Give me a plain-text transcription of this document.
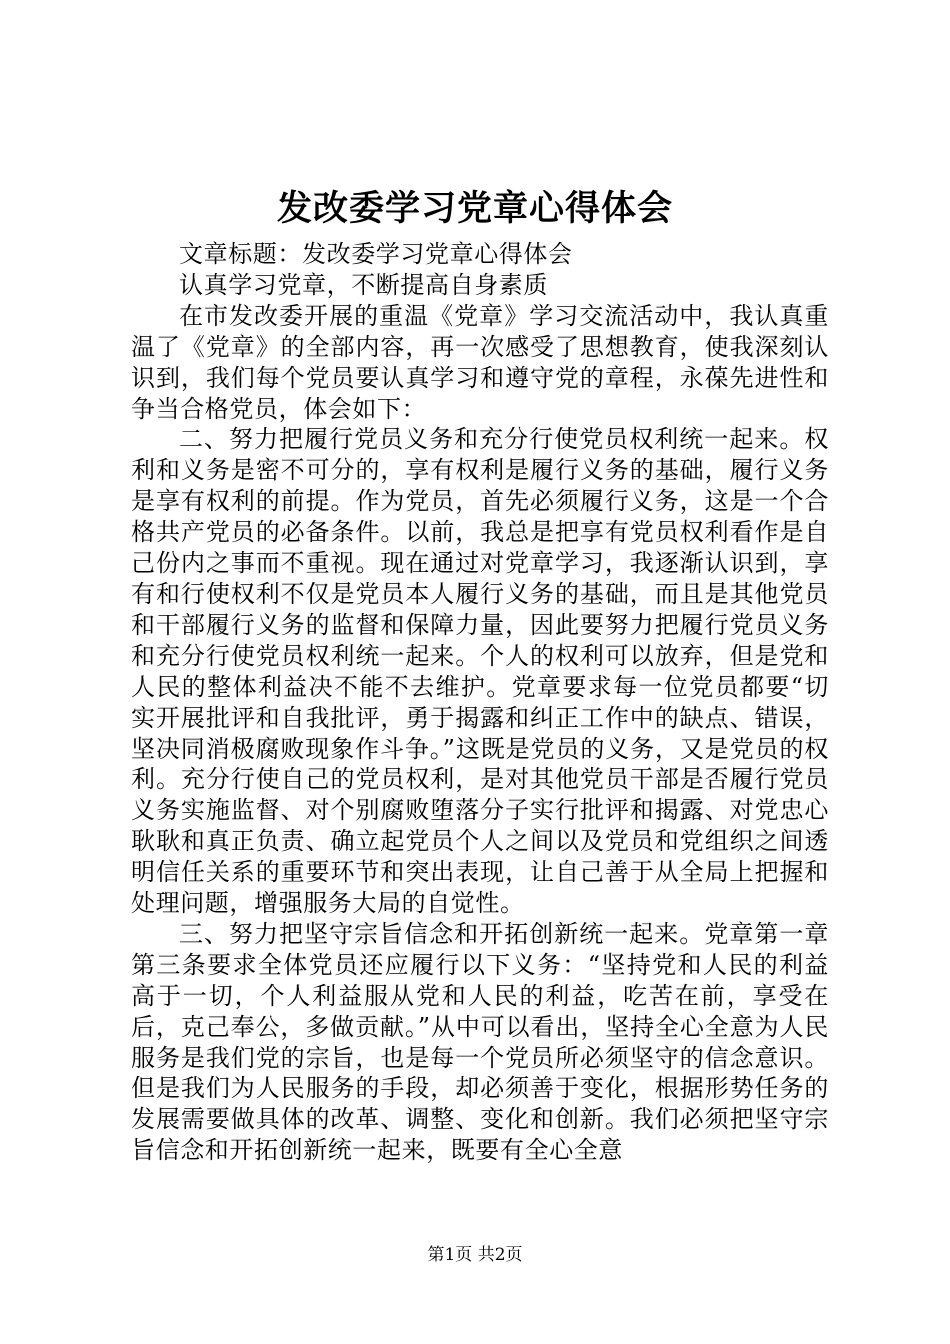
发改委学习党章心得体会

文章标题：发改委学习党章心得体会

认真学习党章，不断提高自身素质

在市发改委开展的重温《党章》学习交流活动中，我认真重温了《党章》的全部内容，再一次感受了思想教育，使我深刻认识到，我们每个党员要认真学习和遵守党的章程，永葆先进性和争当合格党员，体会如下：

二、努力把履行党员义务和充分行使党员权利统一起来。权利和义务是密不可分的，享有权利是履行义务的基础，履行义务是享有权利的前提。作为党员，首先必须履行义务，这是一个合格共产党员的必备条件。以前，我总是把享有党员权利看作是自己份内之事而不重视。现在通过对党章学习，我逐渐认识到，享有和行使权利不仅是党员本人履行义务的基础，而且是其他党员和干部履行义务的监督和保障力量，因此要努力把履行党员义务和充分行使党员权利统一起来。个人的权利可以放弃，但是党和人民的整体利益决不能不去维护。党章要求每一位党员都要“切实开展批评和自我批评，勇于揭露和纠正工作中的缺点、错误，坚决同消极腐败现象作斗争。”这既是党员的义务，又是党员的权利。充分行使自己的党员权利，是对其他党员干部是否履行党员义务实施监督、对个别腐败堕落分子实行批评和揭露、对党忠心耿耿和真正负责、确立起党员个人之间以及党员和党组织之间透明信任关系的重要环节和突出表现，让自己善于从全局上把握和处理问题，增强服务大局的自觉性。

三、努力把坚守宗旨信念和开拓创新统一起来。党章第一章第三条要求全体党员还应履行以下义务：“坚持党和人民的利益高于一切，个人利益服从党和人民的利益，吃苦在前，享受在后，克己奉公，多做贡献。”从中可以看出，坚持全心全意为人民服务是我们党的宗旨，也是每一个党员所必须坚守的信念意识。但是我们为人民服务的手段，却必须善于变化，根据形势任务的发展需要做具体的改革、调整、变化和创新。我们必须把坚守宗旨信念和开拓创新统一起来，既要有全心全意

第1页 共2页
